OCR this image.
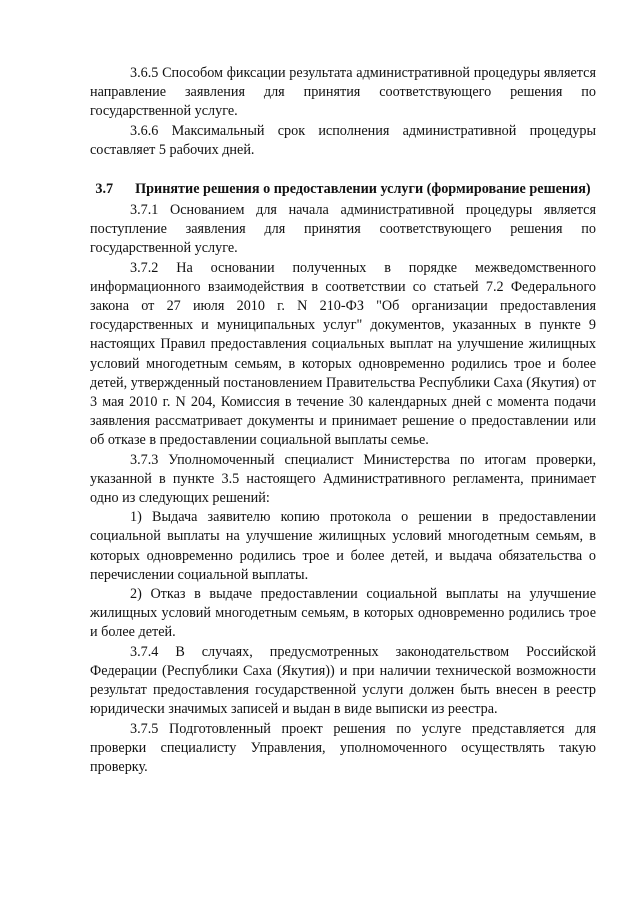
3.6.5 Способом фиксации результата административной процедуры является направление заявления для принятия соответствующего решения по государственной услуге.

3.6.6 Максимальный срок исполнения административной процедуры составляет 5 рабочих дней.

3.7 Принятие решения о предоставлении услуги (формирование решения)

3.7.1 Основанием для начала административной процедуры является поступление заявления для принятия соответствующего решения по государственной услуге.

3.7.2 На основании полученных в порядке межведомственного информационного взаимодействия в соответствии со статьей 7.2 Федерального закона от 27 июля 2010 г. N 210-ФЗ "Об организации предоставления государственных и муниципальных услуг" документов, указанных в пункте 9 настоящих Правил предоставления социальных выплат на улучшение жилищных условий многодетным семьям, в которых одновременно родились трое и более детей, утвержденный постановлением Правительства Республики Саха (Якутия) от 3 мая 2010 г. N 204, Комиссия в течение 30 календарных дней с момента подачи заявления рассматривает документы и принимает решение о предоставлении или об отказе в предоставлении социальной выплаты семье.

3.7.3 Уполномоченный специалист Министерства по итогам проверки, указанной в пункте 3.5 настоящего Административного регламента, принимает одно из следующих решений:

1) Выдача заявителю копию протокола о решении в предоставлении социальной выплаты на улучшение жилищных условий многодетным семьям, в которых одновременно родились трое и более детей, и выдача обязательства о перечислении социальной выплаты.

2) Отказ в выдаче предоставлении социальной выплаты на улучшение жилищных условий многодетным семьям, в которых одновременно родились трое и более детей.

3.7.4 В случаях, предусмотренных законодательством Российской Федерации (Республики Саха (Якутия)) и при наличии технической возможности результат предоставления государственной услуги должен быть внесен в реестр юридически значимых записей и выдан в виде выписки из реестра.

3.7.5 Подготовленный проект решения по услуге представляется для проверки специалисту Управления, уполномоченного осуществлять такую проверку.
